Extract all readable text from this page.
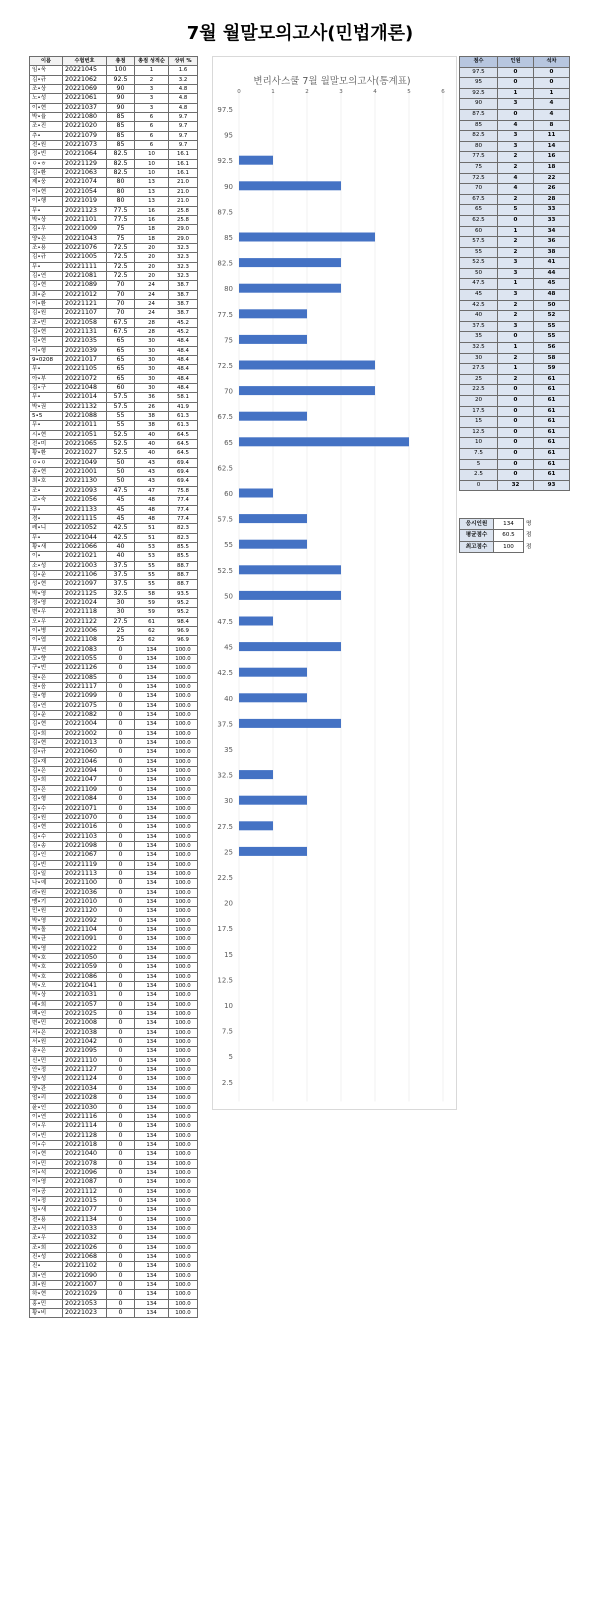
7월 월말모의고사(민법개론)
이름	수험번호	총점	총점 성적순	상위 %
임•욱	20221045	100	1	1.6
김•규	20221062	92.5	2	3.2
조•상	20221069	90	3	4.8
노•성	20221061	90	3	4.8
이•현	20221037	90	3	4.8
박•율	20221080	85	6	9.7
조•진	20221020	85	6	9.7
추•	20221079	85	6	9.7
전•원	20221073	85	6	9.7
정•빈	20221064	82.5	10	16.1
ㅇ•ㅎ	20221129	82.5	10	16.1
김•환	20221063	82.5	10	16.1
제•웅	20221074	80	13	21.0
이•현	20221054	80	13	21.0
이•행	20221019	80	13	21.0
무•	20221123	77.5	16	25.8
박•상	20221101	77.5	16	25.8
김•우	20221009	75	18	29.0
양•은	20221043	75	18	29.0
조•용	20221076	72.5	20	32.3
김•규	20221005	72.5	20	32.3
무•	20221111	72.5	20	32.3
김•연	20221081	72.5	20	32.3
김•현	20221089	70	24	38.7
최•준	20221012	70	24	38.7
이•환	20221121	70	24	38.7
김•원	20221107	70	24	38.7
조•빈	20221058	67.5	28	45.2
김•현	20221131	67.5	28	45.2
김•현	20221035	65	30	48.4
이•형	20221039	65	30	48.4
9•0208	20221017	65	30	48.4
무•	20221105	65	30	48.4
아•부	20221072	65	30	48.4
김•구	20221048	60	30	48.4
무•	20221014	57.5	36	58.1
박•권	20221132	57.5	26	41.9
5•5	20221088	55	38	61.3
무•	20221011	55	38	61.3
시•현	20221051	52.5	40	64.5
전•미	20221065	52.5	40	64.5
황•환	20221027	52.5	40	64.5
ㅇ•ㅇ	20221049	50	43	69.4
송•현	20221001	50	43	69.4
최•호	20221130	50	43	69.4
조•	20221093	47.5	47	75.8
고•숙	20221056	45	48	77.4
무•	20221133	45	48	77.4
경•	20221115	45	48	77.4
레•니	20221052	42.5	51	82.3
무•	20221044	42.5	51	82.3
황•새	20221066	40	53	85.5
이•	20221021	40	53	85.5
소•성	20221003	37.5	55	88.7
김•운	20221106	37.5	55	88.7
성•현	20221097	37.5	55	88.7
박•영	20221125	32.5	58	93.5
정•영	20221024	30	59	95.2
변•우	20221118	30	59	95.2
오•우	20221122	27.5	61	98.4
이•병	20221006	25	62	96.9
이•엽	20221108	25	62	96.9
부•연	20221083	0	134	100.0
고•향	20221055	0	134	100.0
구•빈	20221126	0	134	100.0
권•은	20221085	0	134	100.0
권•음	20221117	0	134	100.0
권•형	20221099	0	134	100.0
김•연	20221075	0	134	100.0
김•운	20221082	0	134	100.0
김•현	20221004	0	134	100.0
김•희	20221002	0	134	100.0
김•현	20221013	0	134	100.0
김•규	20221060	0	134	100.0
김•재	20221046	0	134	100.0
김•은	20221094	0	134	100.0
김•희	20221047	0	134	100.0
김•은	20221109	0	134	100.0
김•형	20221084	0	134	100.0
김•수	20221071	0	134	100.0
김•원	20221070	0	134	100.0
김•현	20221016	0	134	100.0
김•수	20221103	0	134	100.0
김•송	20221098	0	134	100.0
김•인	20221067	0	134	100.0
김•빈	20221119	0	134	100.0
김•일	20221113	0	134	100.0
나•예	20221100	0	134	100.0
라•원	20221036	0	134	100.0
맹•기	20221010	0	134	100.0
민•원	20221120	0	134	100.0
박•영	20221092	0	134	100.0
박•돌	20221104	0	134	100.0
박•균	20221091	0	134	100.0
박•영	20221022	0	134	100.0
박•호	20221050	0	134	100.0
박•호	20221059	0	134	100.0
박•호	20221086	0	134	100.0
박•오	20221041	0	134	100.0
박•상	20221031	0	134	100.0
배•희	20221057	0	134	100.0
백•인	20221025	0	134	100.0
변•민	20221008	0	134	100.0
서•은	20221038	0	134	100.0
서•원	20221042	0	134	100.0
송•은	20221095	0	134	100.0
신•민	20221110	0	134	100.0
안•정	20221127	0	134	100.0
양•성	20221124	0	134	100.0
양•관	20221034	0	134	100.0
엄•리	20221028	0	134	100.0
윤•인	20221030	0	134	100.0
이•연	20221116	0	134	100.0
이•우	20221114	0	134	100.0
이•빈	20221128	0	134	100.0
이•수	20221018	0	134	100.0
이•현	20221040	0	134	100.0
이•민	20221078	0	134	100.0
이•석	20221096	0	134	100.0
이•영	20221087	0	134	100.0
이•공	20221112	0	134	100.0
이•정	20221015	0	134	100.0
임•새	20221077	0	134	100.0
전•용	20221134	0	134	100.0
조•서	20221033	0	134	100.0
조•우	20221032	0	134	100.0
조•희	20221026	0	134	100.0
진•성	20221068	0	134	100.0
진•	20221102	0	134	100.0
최•연	20221090	0	134	100.0
최•원	20221007	0	134	100.0
하•현	20221029	0	134	100.0
홍•민	20221053	0	134	100.0
황•비	20221023	0	134	100.0
변리사스쿨 7월 월말모의고사(통계표)
0	1	2	3	4	5	6
97.5
95
92.5
90
87.5
85
82.5
80
77.5
75
72.5
70
67.5
65
62.5
60
57.5
55
52.5
50
47.5
45
42.5
40
37.5
35
32.5
30
27.5
25
22.5
20
17.5
15
12.5
10
7.5
5
2.5
점수	인원	석차
97.5	0	0
95	0	0
92.5	1	1
90	3	4
87.5	0	4
85	4	8
82.5	3	11
80	3	14
77.5	2	16
75	2	18
72.5	4	22
70	4	26
67.5	2	28
65	5	33
62.5	0	33
60	1	34
57.5	2	36
55	2	38
52.5	3	41
50	3	44
47.5	1	45
45	3	48
42.5	2	50
40	2	52
37.5	3	55
35	0	55
32.5	1	56
30	2	58
27.5	1	59
25	2	61
22.5	0	61
20	0	61
17.5	0	61
15	0	61
12.5	0	61
10	0	61
7.5	0	61
5	0	61
2.5	0	61
0	32	93
응시인원	134	명
평균점수	60.5	점
최고점수	100	점
